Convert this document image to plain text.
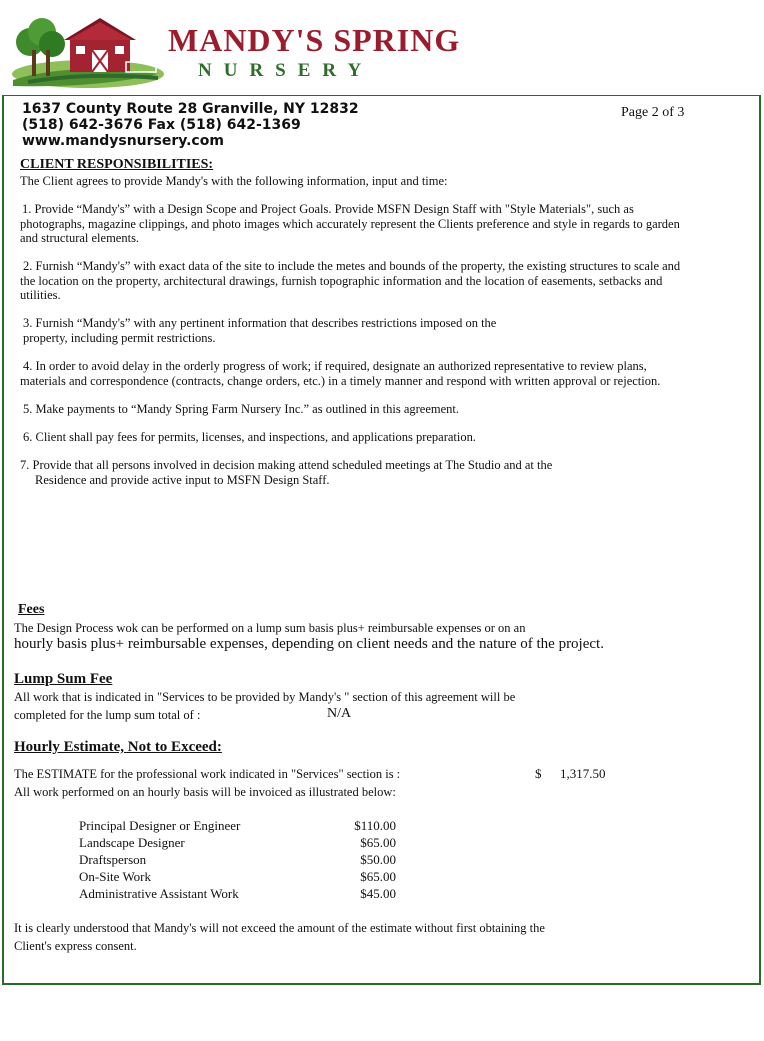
MANDY'S SPRING
NURSERY
1637 County Route 28 Granville, NY 12832
(518) 642-3676 Fax (518) 642-1369
www.mandysnursery.com
Page 2 of 3
CLIENT RESPONSIBILITIES:
The Client agrees to provide Mandy's with the following information, input and time:
1. Provide “Mandy's” with a Design Scope and Project Goals. Provide MSFN Design Staff with "Style Materials", such as
photographs, magazine clippings, and photo images which accurately represent the Clients preference and style in regards to garden
and structural elements.
2. Furnish “Mandy's” with exact data of the site to include the metes and bounds of the property, the existing structures to scale and
the location on the property, architectural drawings, furnish topographic information and the location of easements, setbacks and
utilities.
3. Furnish “Mandy's” with any pertinent information that describes restrictions imposed on the
property, including permit restrictions.
4. In order to avoid delay in the orderly progress of work; if required, designate an authorized representative to review plans,
materials and correspondence (contracts, change orders, etc.) in a timely manner and respond with written approval or rejection.
5. Make payments to “Mandy Spring Farm Nursery Inc.” as outlined in this agreement.
6. Client shall pay fees for permits, licenses, and inspections, and applications preparation.
7. Provide that all persons involved in decision making attend scheduled meetings at The Studio and at the
Residence and provide active input to MSFN Design Staff.
Fees
The Design Process wok can be performed on a lump sum basis plus+ reimbursable expenses or on an
hourly basis plus+ reimbursable expenses, depending on client needs and the nature of the project.
Lump Sum Fee
All work that is indicated in "Services to be provided by Mandy's " section of this agreement will be
completed for the lump sum total of :	N/A
Hourly Estimate, Not to Exceed:
The ESTIMATE for the professional work indicated in "Services" section is :	$ 1,317.50
All work performed on an hourly basis will be invoiced as illustrated below:
Principal Designer or Engineer	$110.00
Landscape Designer	$65.00
Draftsperson	$50.00
On-Site Work	$65.00
Administrative Assistant Work	$45.00
It is clearly understood that Mandy's will not exceed the amount of the estimate without first obtaining the
Client's express consent.
